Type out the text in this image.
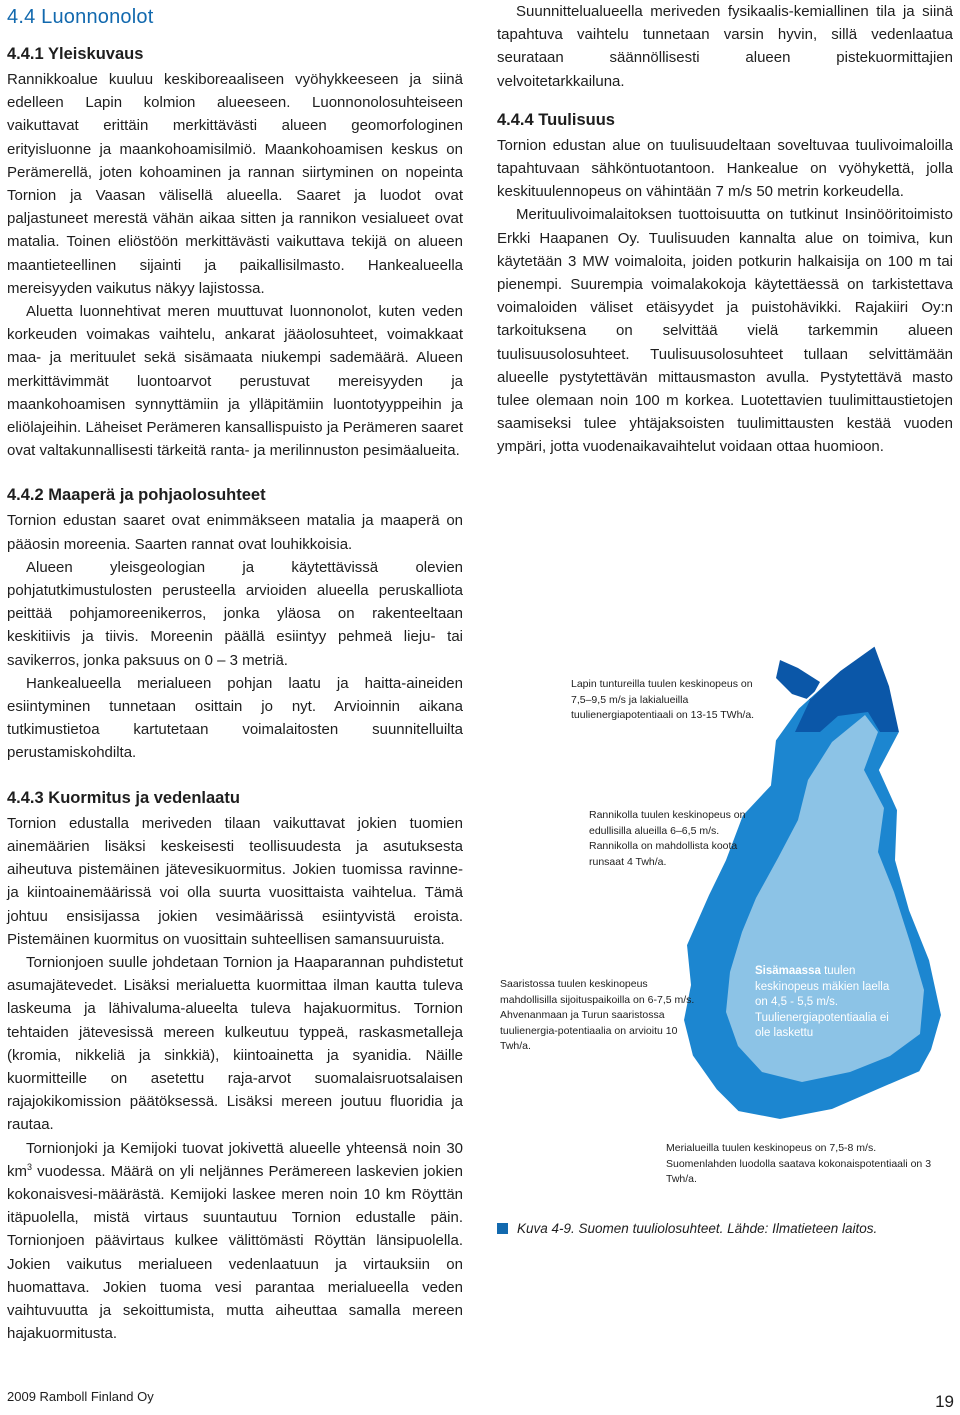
4.4 Luonnonolot
4.4.1 Yleiskuvaus

Rannikkoalue kuuluu keskiboreaaliseen vyöhykkeeseen ja siinä edelleen Lapin kolmion alueeseen. Luonnonolosuhteiseen vaikuttavat erittäin merkittävästi alueen geomorfologinen erityisluonne ja maankohoamisilmiö. Maankohoamisen keskus on Perämerellä, joten kohoaminen ja rannan siirtyminen on nopeinta Tornion ja Vaasan välisellä alueella. Saaret ja luodot ovat paljastuneet merestä vähän aikaa sitten ja rannikon vesialueet ovat matalia. Toinen eliöstöön merkittävästi vaikuttava tekijä on alueen maantieteellinen sijainti ja paikallisilmasto. Hankealueella mereisyyden vaikutus näkyy lajistossa.

Aluetta luonnehtivat meren muuttuvat luonnonolot, kuten veden korkeuden voimakas vaihtelu, ankarat jääolosuhteet, voimakkaat maa- ja merituulet sekä sisämaata niukempi sademäärä. Alueen merkittävimmät luontoarvot perustuvat mereisyyden ja maankohoamisen synnyttämiin ja ylläpitämiin luontotyyppeihin ja eliölajeihin. Läheiset Perämeren kansallispuisto ja Perämeren saaret ovat valtakunnallisesti tärkeitä ranta- ja merilinnuston pesimäalueita.

4.4.2 Maaperä ja pohjaolosuhteet

Tornion edustan saaret ovat enimmäkseen matalia ja maaperä on pääosin moreenia. Saarten rannat ovat louhikkoisia.

Alueen yleisgeologian ja käytettävissä olevien pohjatutkimustulosten perusteella arvioiden alueella peruskalliota peittää pohjamoreenikerros, jonka yläosa on rakenteeltaan keskitiivis ja tiivis. Moreenin päällä esiintyy pehmeä lieju- tai savikerros, jonka paksuus on 0 – 3 metriä.

Hankealueella merialueen pohjan laatu ja haitta-aineiden esiintyminen tunnetaan osittain jo nyt. Arvioinnin aikana tutkimustietoa kartutetaan voimalaitosten suunnitelluilta perustamiskohdilta.

4.4.3 Kuormitus ja vedenlaatu

Tornion edustalla meriveden tilaan vaikuttavat jokien tuomien ainemäärien lisäksi keskeisesti teollisuudesta ja asutuksesta aiheutuva pistemäinen jätevesikuormitus. Jokien tuomissa ravinne- ja kiintoainemäärissä voi olla suurta vuosittaista vaihtelua. Tämä johtuu ensisijassa jokien vesimäärissä esiintyvistä eroista. Pistemäinen kuormitus on vuosittain suhteellisen samansuuruista.

Tornionjoen suulle johdetaan Tornion ja Haaparannan puhdistetut asumajätevedet. Lisäksi merialuetta kuormittaa ilman kautta tuleva laskeuma ja lähivaluma-alueelta tuleva hajakuormitus. Tornion tehtaiden jätevesissä mereen kulkeutuu typpeä, raskasmetalleja (kromia, nikkeliä ja sinkkiä), kiintoainetta ja syanidia. Näille kuormitteille on asetettu raja-arvot suomalaisruotsalaisen rajajokikomission päätöksessä. Lisäksi mereen joutuu fluoridia ja rautaa.

Tornionjoki ja Kemijoki tuovat jokivettä alueelle yhteensä noin 30 $km^3$ vuodessa. Määrä on yli neljännes Perämereen laskevien jokien kokonaisvesi-määrästä. Kemijoki laskee meren noin 10 km Röyttän itäpuolella, mistä virtaus suuntautuu Tornion edustalle päin. Tornionjoen päävirtaus kulkee välittömästi Röyttän länsipuolella. Jokien vaikutus merialueen vedenlaatuun ja virtauksiin on huomattava. Jokien tuoma vesi parantaa merialueella veden vaihtuvuutta ja sekoittumista, mutta aiheuttaa samalla mereen hajakuormitusta.

Suunnittelualueella meriveden fysikaalis-kemiallinen tila ja siinä tapahtuva vaihtelu tunnetaan varsin hyvin, sillä vedenlaatua seurataan säännöllisesti alueen pistekuormittajien velvoitetarkkailuna.

4.4.4 Tuulisuus

Tornion edustan alue on tuulisuudeltaan soveltuvaa tuulivoimaloilla tapahtuvaan sähköntuotantoon. Hankealue on vyöhykettä, jolla keskituulennopeus on vähintään 7 m/s 50 metrin korkeudella.

Merituulivoimalaitoksen tuottoisuutta on tutkinut Insinööritoimisto Erkki Haapanen Oy. Tuulisuuden kannalta alue on toimiva, kun käytetään 3 MW voimaloita, joiden potkurin halkaisija on 100 m tai pienempi. Suurempia voimalakokoja käytettäessä on tarkistettava voimaloiden väliset etäisyydet ja puistohävikki. Rajakiiri Oy:n tarkoituksena on selvittää vielä tarkemmin alueen tuulisuusolosuhteet. Tuulisuusolosuhteet tullaan selvittämään alueelle pystytettävän mittausmaston avulla. Pystytettävä masto tulee olemaan noin 100 m korkea. Luotettavien tuulimittaustietojen saamiseksi tulee yhtäjaksoisten tuulimittausten kestää vuoden ympäri, jotta vuodenaikavaihtelut voidaan ottaa huomioon.

Lapin tuntureilla tuulen keskinopeus on 7,5–9,5 m/s ja lakialueilla tuulienergiapotentiaali on 13-15 TWh/a.
Rannikolla tuulen keskinopeus on edullisilla alueilla 6–6,5 m/s. Rannikolla on mahdollista koota runsaat 4 Twh/a.
Saaristossa tuulen keskinopeus mahdollisilla sijoituspaikoilla on 6-7,5 m/s. Ahvenanmaan ja Turun saaristossa tuulienergia-potentiaalia on arvioitu 10 Twh/a.
Sisämaassa tuulen keskinopeus mäkien laella on 4,5 - 5,5 m/s. Tuulienergiapotentiaalia ei ole laskettu
Merialueilla tuulen keskinopeus on 7,5-8 m/s. Suomenlahden luodolla saatava kokonaispotentiaali on 3 Twh/a.
Kuva 4-9. Suomen tuuliolosuhteet. Lähde: Ilmatieteen laitos.
2009 Ramboll Finland Oy	19
